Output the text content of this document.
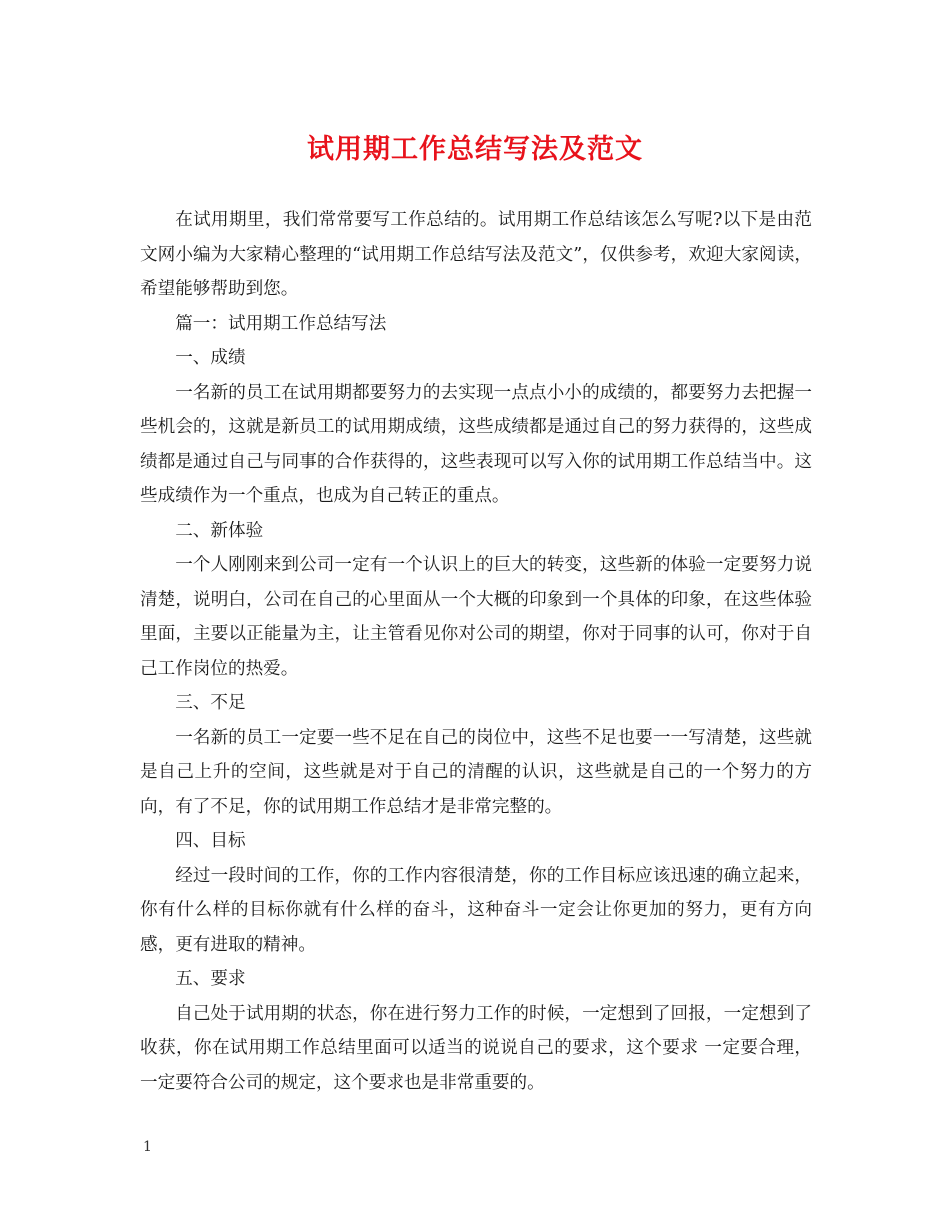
试用期工作总结写法及范文

在试用期里，我们常常要写工作总结的。试用期工作总结该怎么写呢?以下是由范文网小编为大家精心整理的“试用期工作总结写法及范文”，仅供参考，欢迎大家阅读，希望能够帮助到您。

篇一：试用期工作总结写法

一、成绩

一名新的员工在试用期都要努力的去实现一点点小小的成绩的，都要努力去把握一些机会的，这就是新员工的试用期成绩，这些成绩都是通过自己的努力获得的，这些成绩都是通过自己与同事的合作获得的，这些表现可以写入你的试用期工作总结当中。这些成绩作为一个重点，也成为自己转正的重点。

二、新体验

一个人刚刚来到公司一定有一个认识上的巨大的转变，这些新的体验一定要努力说清楚，说明白，公司在自己的心里面从一个大概的印象到一个具体的印象，在这些体验里面，主要以正能量为主，让主管看见你对公司的期望，你对于同事的认可，你对于自己工作岗位的热爱。

三、不足

一名新的员工一定要一些不足在自己的岗位中，这些不足也要一一写清楚，这些就是自己上升的空间，这些就是对于自己的清醒的认识，这些就是自己的一个努力的方向，有了不足，你的试用期工作总结才是非常完整的。

四、目标

经过一段时间的工作，你的工作内容很清楚，你的工作目标应该迅速的确立起来，你有什么样的目标你就有什么样的奋斗，这种奋斗一定会让你更加的努力，更有方向感，更有进取的精神。

五、要求

自己处于试用期的状态，你在进行努力工作的时候，一定想到了回报，一定想到了收获，你在试用期工作总结里面可以适当的说说自己的要求，这个要求 一定要合理，一定要符合公司的规定，这个要求也是非常重要的。

1
